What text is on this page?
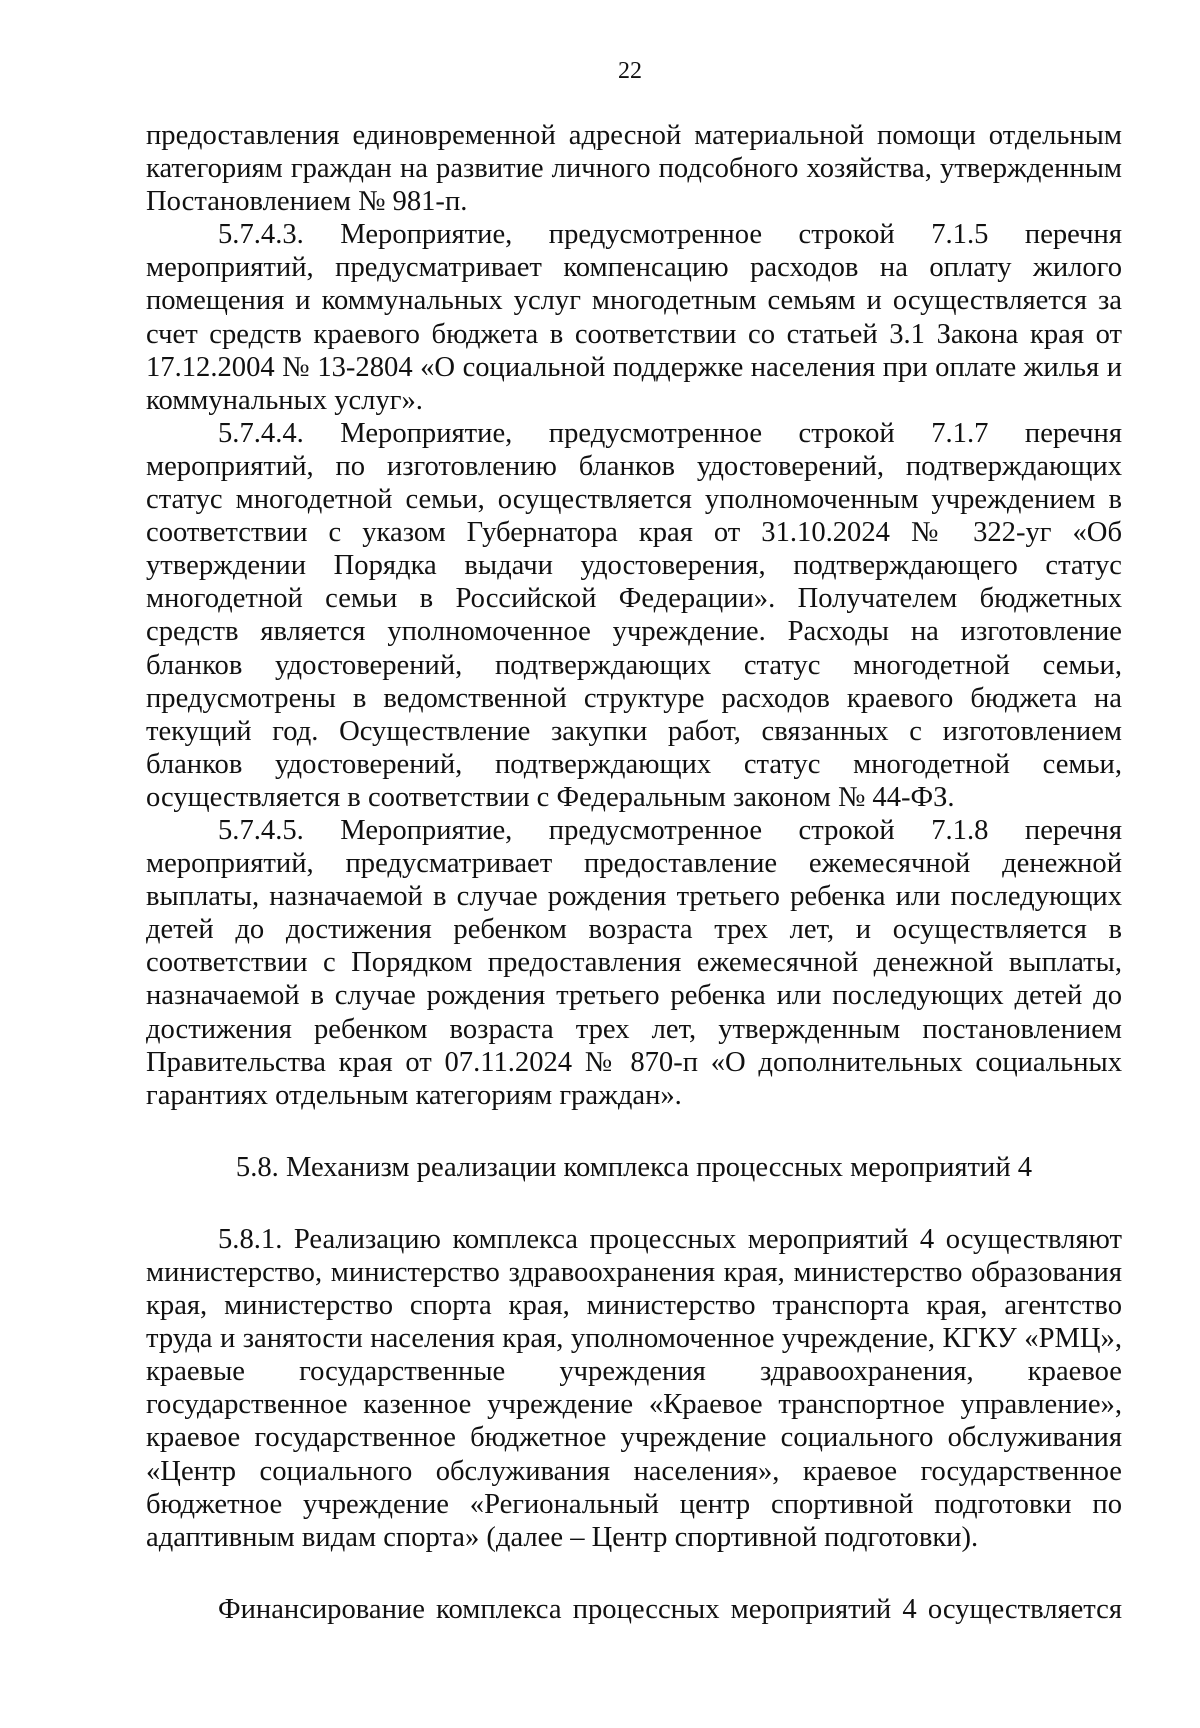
22

предоставления единовременной адресной материальной помощи отдельным категориям граждан на развитие личного подсобного хозяйства, утвержденным Постановлением № 981-п.

5.7.4.3. Мероприятие, предусмотренное строкой 7.1.5 перечня мероприятий, предусматривает компенсацию расходов на оплату жилого помещения и коммунальных услуг многодетным семьям и осуществляется за счет средств краевого бюджета в соответствии со статьей 3.1 Закона края от 17.12.2004 № 13-2804 «О социальной поддержке населения при оплате жилья и коммунальных услуг».

5.7.4.4. Мероприятие, предусмотренное строкой 7.1.7 перечня мероприятий, по изготовлению бланков удостоверений, подтверждающих статус многодетной семьи, осуществляется уполномоченным учреждением в соответствии с указом Губернатора края от 31.10.2024 № 322-уг «Об утверждении Порядка выдачи удостоверения, подтверждающего статус многодетной семьи в Российской Федерации». Получателем бюджетных средств является уполномоченное учреждение. Расходы на изготовление бланков удостоверений, подтверждающих статус многодетной семьи, предусмотрены в ведомственной структуре расходов краевого бюджета на текущий год. Осуществление закупки работ, связанных с изготовлением бланков удостоверений, подтверждающих статус многодетной семьи, осуществляется в соответствии с Федеральным законом № 44-ФЗ.

5.7.4.5. Мероприятие, предусмотренное строкой 7.1.8 перечня мероприятий, предусматривает предоставление ежемесячной денежной выплаты, назначаемой в случае рождения третьего ребенка или последующих детей до достижения ребенком возраста трех лет, и осуществляется в соответствии с Порядком предоставления ежемесячной денежной выплаты, назначаемой в случае рождения третьего ребенка или последующих детей до достижения ребенком возраста трех лет, утвержденным постановлением Правительства края от 07.11.2024 № 870-п «О дополнительных социальных гарантиях отдельным категориям граждан».

5.8. Механизм реализации комплекса процессных мероприятий 4

5.8.1. Реализацию комплекса процессных мероприятий 4 осуществляют министерство, министерство здравоохранения края, министерство образования края, министерство спорта края, министерство транспорта края, агентство труда и занятости населения края, уполномоченное учреждение, КГКУ «РМЦ», краевые государственные учреждения здравоохранения, краевое государственное казенное учреждение «Краевое транспортное управление», краевое государственное бюджетное учреждение социального обслуживания «Центр социального обслуживания населения», краевое государственное бюджетное учреждение «Региональный центр спортивной подготовки по адаптивным видам спорта» (далее – Центр спортивной подготовки).

Финансирование комплекса процессных мероприятий 4 осуществляется
